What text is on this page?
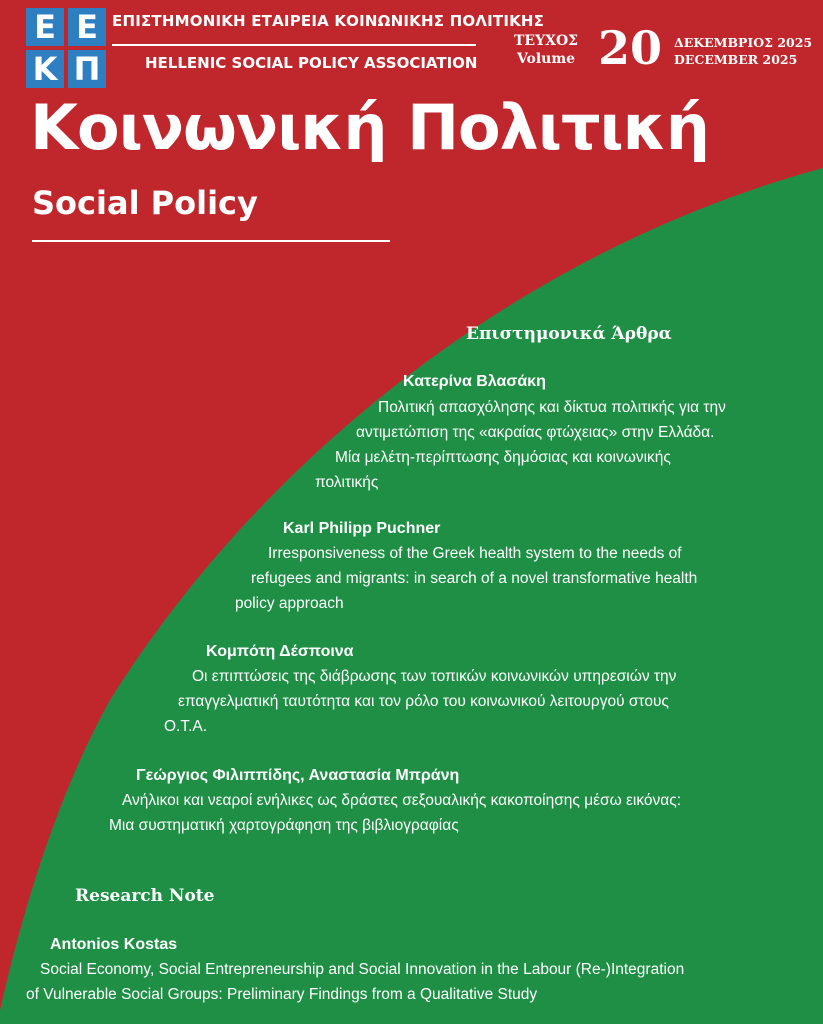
Ε Ε
Κ Π
ΕΠΙΣΤΗΜΟΝΙΚΗ ΕΤΑΙΡΕΙΑ ΚΟΙΝΩΝΙΚΗΣ ΠΟΛΙΤΙΚΗΣ
HELLENIC SOCIAL POLICY ASSOCIATION
ΤΕΥΧΟΣ
Volume 20 ΔΕΚΕΜΒΡΙΟΣ 2025
DECEMBER 2025
Κοινωνική Πολιτική
Social Policy
Επιστημονικά Άρθρα
Κατερίνα Βλασάκη
Πολιτική απασχόλησης και δίκτυα πολιτικής για την
αντιμετώπιση της «ακραίας φτώχειας» στην Ελλάδα.
Μία μελέτη-περίπτωσης δημόσιας και κοινωνικής
πολιτικής
Karl Philipp Puchner
Irresponsiveness of the Greek health system to the needs of
refugees and migrants: in search of a novel transformative health
policy approach
Κομπότη Δέσποινα
Οι επιπτώσεις της διάβρωσης των τοπικών κοινωνικών υπηρεσιών την
επαγγελματική ταυτότητα και τον ρόλο του κοινωνικού λειτουργού στους
Ο.Τ.Α.
Γεώργιος Φιλιππίδης, Αναστασία Μπράνη
Ανήλικοι και νεαροί ενήλικες ως δράστες σεξουαλικής κακοποίησης μέσω εικόνας:
Μια συστηματική χαρτογράφηση της βιβλιογραφίας
Research Note
Antonios Kostas
Social Economy, Social Entrepreneurship and Social Innovation in the Labour (Re-)Integration
of Vulnerable Social Groups: Preliminary Findings from a Qualitative Study
